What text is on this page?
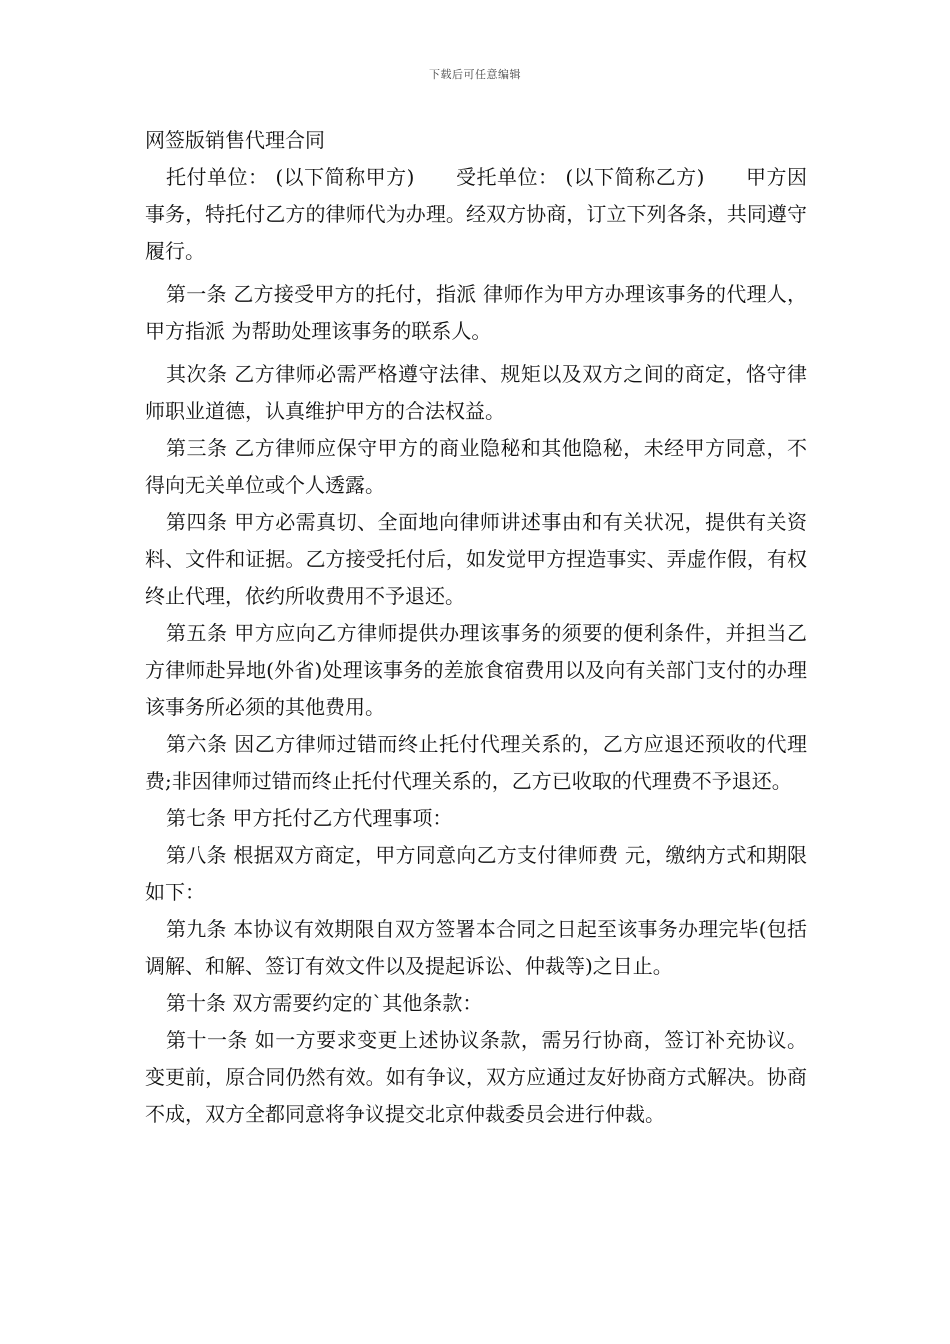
下载后可任意编辑

网签版销售代理合同

托付单位： (以下简称甲方)　　受托单位： (以下简称乙方)　　甲方因 事务，特托付乙方的律师代为办理。经双方协商，订立下列各条，共同遵守履行。

第一条 乙方接受甲方的托付，指派 律师作为甲方办理该事务的代理人，甲方指派 为帮助处理该事务的联系人。

其次条 乙方律师必需严格遵守法律、规矩以及双方之间的商定，恪守律师职业道德，认真维护甲方的合法权益。

第三条 乙方律师应保守甲方的商业隐秘和其他隐秘，未经甲方同意，不得向无关单位或个人透露。

第四条 甲方必需真切、全面地向律师讲述事由和有关状况，提供有关资料、文件和证据。乙方接受托付后，如发觉甲方捏造事实、弄虚作假，有权终止代理，依约所收费用不予退还。

第五条 甲方应向乙方律师提供办理该事务的须要的便利条件，并担当乙方律师赴异地(外省)处理该事务的差旅食宿费用以及向有关部门支付的办理该事务所必须的其他费用。

第六条 因乙方律师过错而终止托付代理关系的，乙方应退还预收的代理费;非因律师过错而终止托付代理关系的，乙方已收取的代理费不予退还。

第七条 甲方托付乙方代理事项：

第八条 根据双方商定，甲方同意向乙方支付律师费 元，缴纳方式和期限如下：

第九条 本协议有效期限自双方签署本合同之日起至该事务办理完毕(包括调解、和解、签订有效文件以及提起诉讼、仲裁等)之日止。

第十条 双方需要约定的`其他条款：

第十一条 如一方要求变更上述协议条款，需另行协商，签订补充协议。变更前，原合同仍然有效。如有争议，双方应通过友好协商方式解决。协商不成，双方全都同意将争议提交北京仲裁委员会进行仲裁。
